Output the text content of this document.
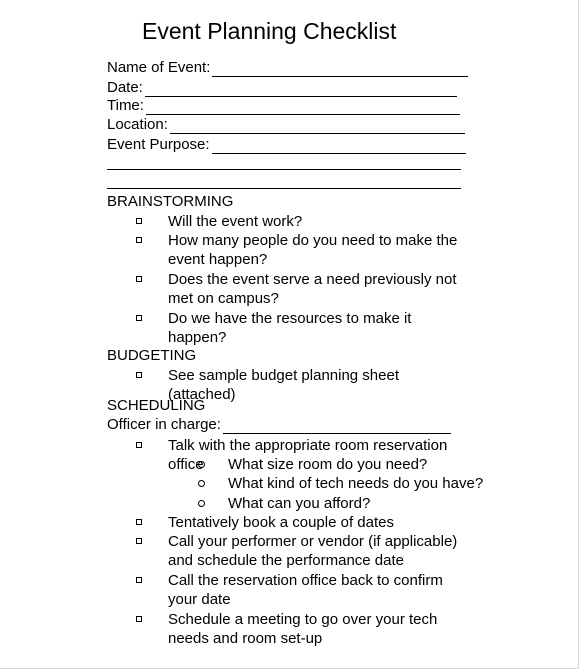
Event Planning Checklist
Name of Event:
Date:
Time:
Location:
Event Purpose:
BRAINSTORMING
Will the event work?
How many people do you need to make the event happen?
Does the event serve a need previously not met on campus?
Do we have the resources to make it happen?
BUDGETING
See sample budget planning sheet (attached)
SCHEDULING
Officer in charge:
Talk with the appropriate room reservation office	What size room do you need?
What kind of tech needs do you have?
What can you afford?
Tentatively book a couple of dates
Call your performer or vendor (if applicable) and schedule the performance date
Call the reservation office back to confirm your date
Schedule a meeting to go over your tech needs and room set-up
